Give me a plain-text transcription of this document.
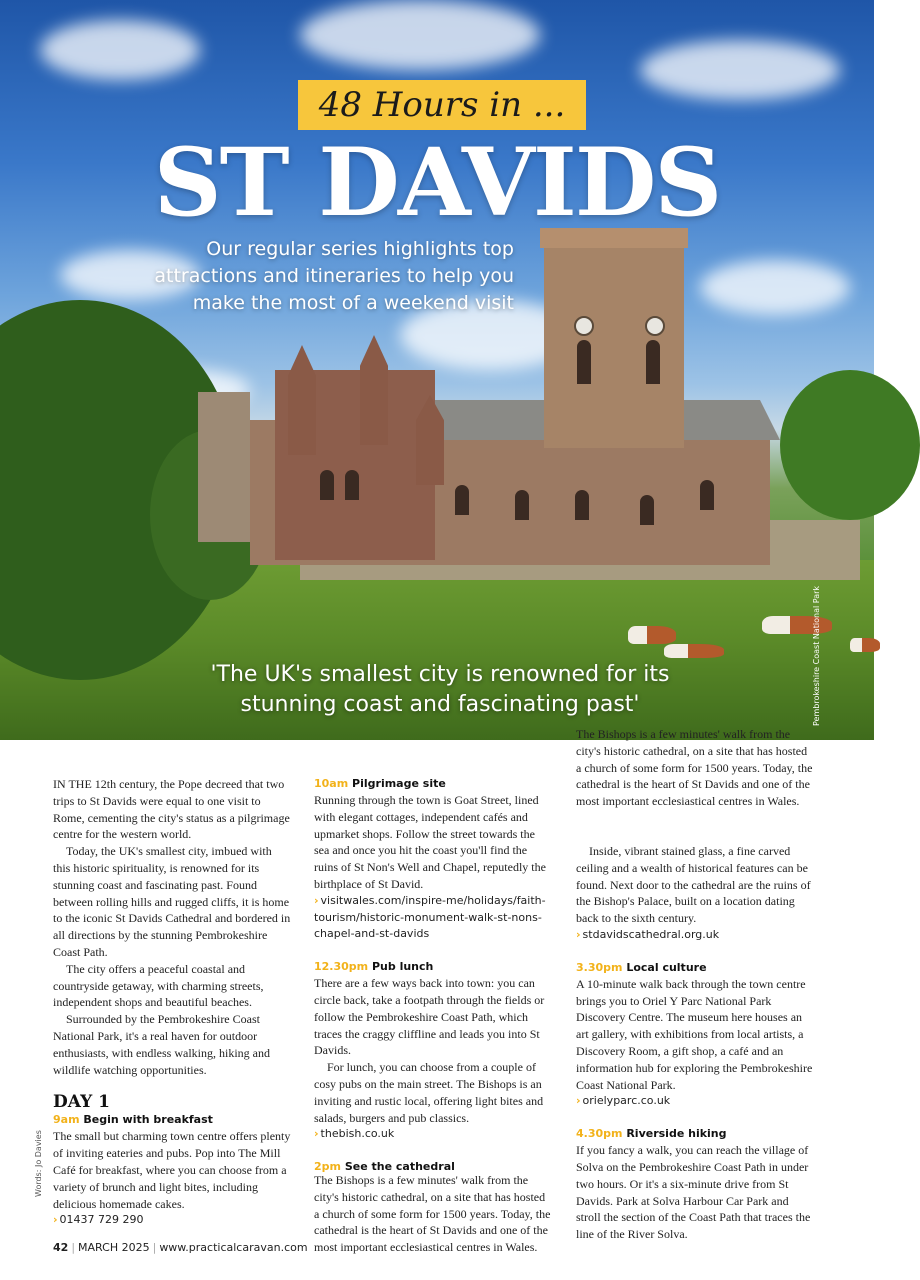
48 Hours in ...
ST DAVIDS
Our regular series highlights top attractions and itineraries to help you make the most of a weekend visit
'The UK's smallest city is renowned for its stunning coast and fascinating past'	Pembrokeshire Coast National Park

IN THE 12th century, the Pope decreed that two trips to St Davids were equal to one visit to Rome, cementing the city's status as a pilgrimage centre for the western world.

Today, the UK's smallest city, imbued with this historic spirituality, is renowned for its stunning coast and fascinating past. Found between rolling hills and rugged cliffs, it is home to the iconic St Davids Cathedral and bordered in all directions by the stunning Pembrokeshire Coast Path.

The city offers a peaceful coastal and countryside getaway, with charming streets, independent shops and beautiful beaches.

Surrounded by the Pembrokeshire Coast National Park, it's a real haven for outdoor enthusiasts, with endless walking, hiking and wildlife watching opportunities.

DAY 1
9am Begin with breakfast

The small but charming town centre offers plenty of inviting eateries and pubs. Pop into The Mill Café for breakfast, where you can choose from a variety of brunch and light bites, including delicious homemade cakes.

› 01437 729 290
10am Pilgrimage site

Running through the town is Goat Street, lined with elegant cottages, independent cafés and upmarket shops. Follow the street towards the sea and once you hit the coast you'll find the ruins of St Non's Well and Chapel, reputedly the birthplace of St David.

› visitwales.com/inspire-me/holidays/faith-tourism/historic-monument-walk-st-nons-chapel-and-st-davids
12.30pm Pub lunch

There are a few ways back into town: you can circle back, take a footpath through the fields or follow the Pembrokeshire Coast Path, which traces the craggy cliffline and leads you into St Davids.

For lunch, you can choose from a couple of cosy pubs on the main street. The Bishops is an inviting and rustic local, offering light bites and salads, burgers and pub classics.

› thebish.co.uk
2pm See the cathedral

The Bishops is a few minutes' walk from the city's historic cathedral, on a site that has hosted a church of some form for 1500 years. Today, the cathedral is the heart of St Davids and one of the most important ecclesiastical centres in Wales.

The Bishops is a few minutes' walk from the city's historic cathedral, on a site that has hosted a church of some form for 1500 years. Today, the cathedral is the heart of St Davids and one of the most important ecclesiastical centres in Wales.

Inside, vibrant stained glass, a fine carved ceiling and a wealth of historical features can be found. Next door to the cathedral are the ruins of the Bishop's Palace, built on a location dating back to the sixth century.

› stdavidscathedral.org.uk
3.30pm Local culture

A 10-minute walk back through the town centre brings you to Oriel Y Parc National Park Discovery Centre. The museum here houses an art gallery, with exhibitions from local artists, a Discovery Room, a gift shop, a café and an information hub for exploring the Pembrokeshire Coast National Park.

› orielyparc.co.uk
4.30pm Riverside hiking

If you fancy a walk, you can reach the village of Solva on the Pembrokeshire Coast Path in under two hours. Or it's a six-minute drive from St Davids. Park at Solva Harbour Car Park and stroll the section of the Coast Path that traces the line of the River Solva.

Words: Jo Davies
42 | MARCH 2025 | www.practicalcaravan.com
